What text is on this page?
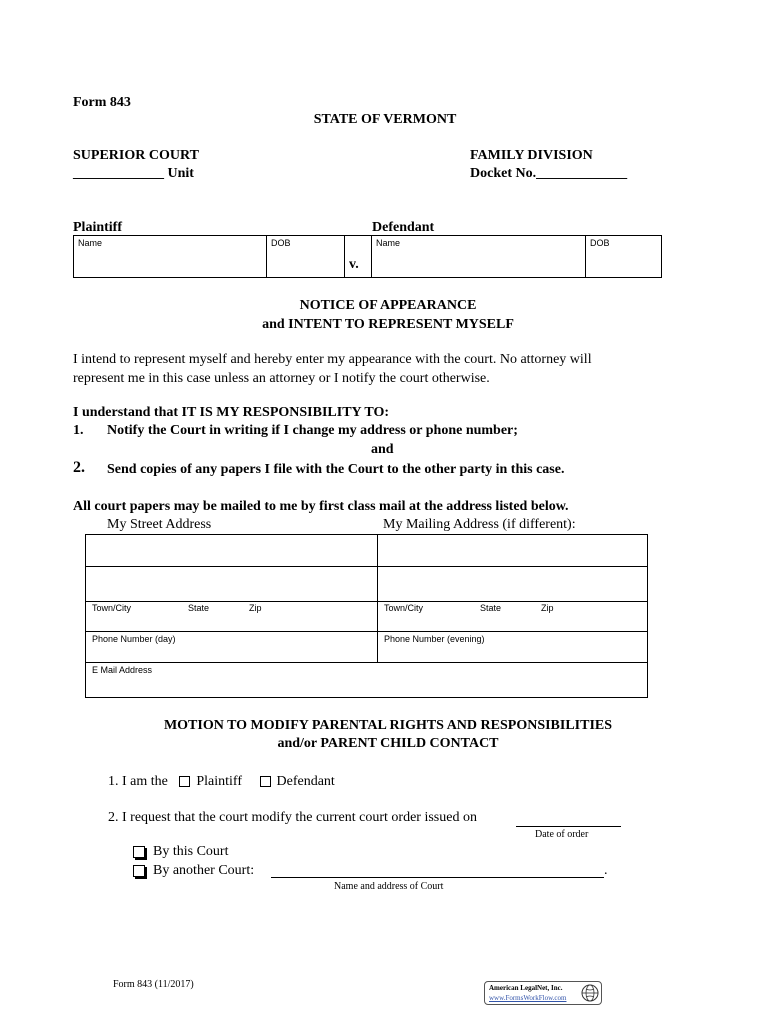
Form 843
STATE OF VERMONT
SUPERIOR COURT
_____________ Unit
FAMILY DIVISION
Docket No._____________
Plaintiff	Defendant
Name	DOB
v.
Name	DOB
NOTICE OF APPEARANCE
and INTENT TO REPRESENT MYSELF
I intend to represent myself and hereby enter my appearance with the court. No attorney will
represent me in this case unless an attorney or I notify the court otherwise.
I understand that IT IS MY RESPONSIBILITY TO:
1. Notify the Court in writing if I change my address or phone number;
and
2. Send copies of any papers I file with the Court to the other party in this case.
All court papers may be mailed to me by first class mail at the address listed below.
My Street Address	My Mailing Address (if different):
Town/City	State	Zip	Town/City	State	Zip
Phone Number (day)	Phone Number (evening)
E Mail Address
MOTION TO MODIFY PARENTAL RIGHTS AND RESPONSIBILITIES
and/or PARENT CHILD CONTACT
1. I am the Plaintiff Defendant
2. I request that the court modify the current court order issued on
Date of order
By this Court
By another Court:	.
Name and address of Court
Form 843 (11/2017)	American LegalNet, Inc.
www.FormsWorkFlow.com
